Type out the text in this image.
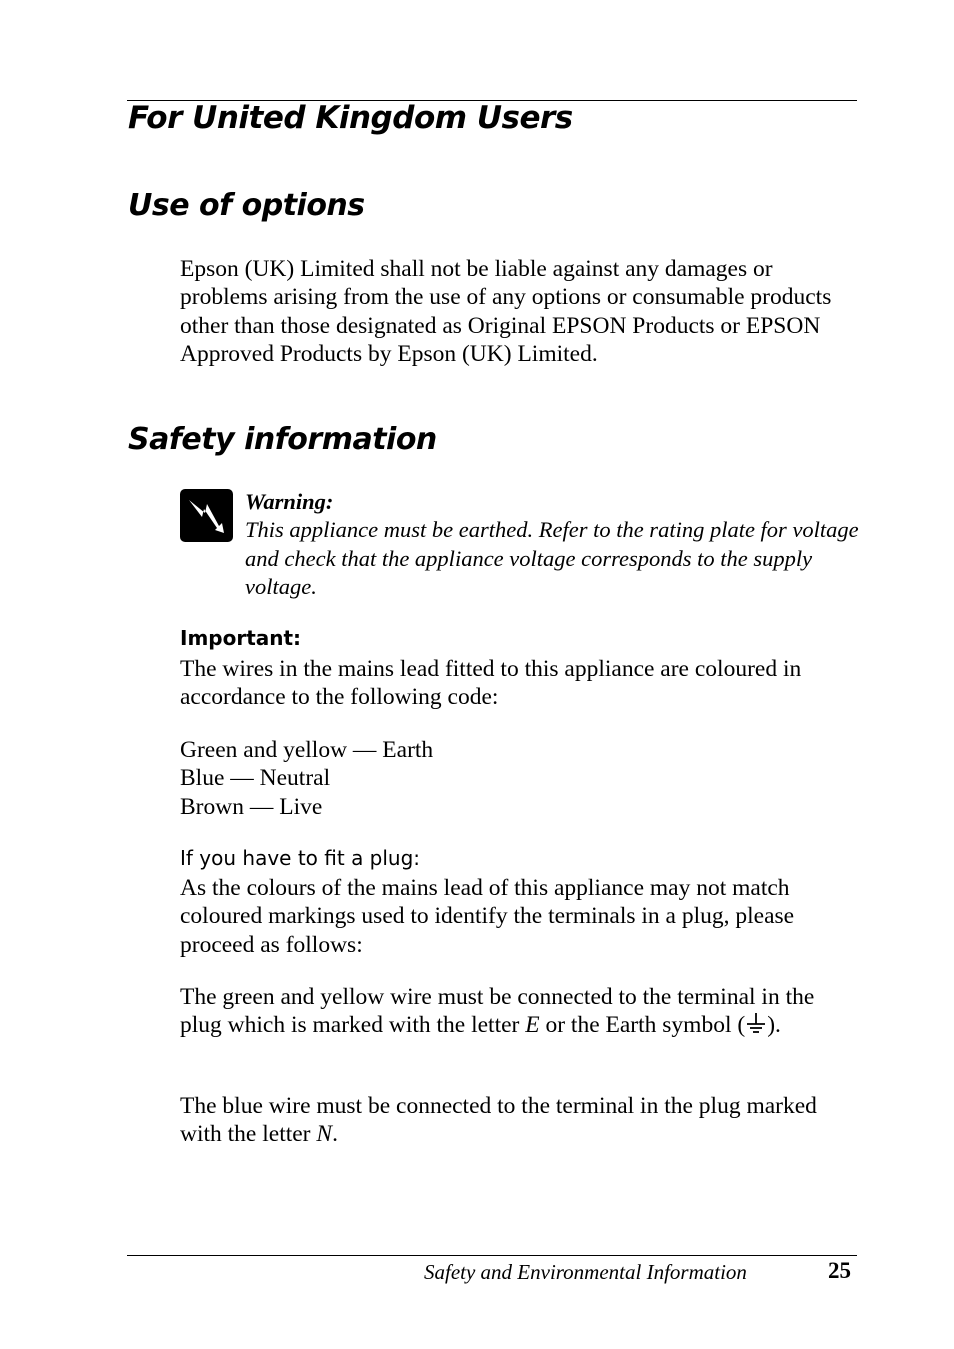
For United Kingdom Users
Use of options

Epson (UK) Limited shall not be liable against any damages or problems arising from the use of any options or consumable products other than those designated as Original EPSON Products or EPSON Approved Products by Epson (UK) Limited.

Safety information
Warning:
This appliance must be earthed. Refer to the rating plate for voltage and check that the appliance voltage corresponds to the supply voltage.
Important:

The wires in the mains lead fitted to this appliance are coloured in accordance to the following code:

Green and yellow — Earth
Blue — Neutral
Brown — Live
If you have to fit a plug:

As the colours of the mains lead of this appliance may not match coloured markings used to identify the terminals in a plug, please proceed as follows:

The green and yellow wire must be connected to the terminal in the plug which is marked with the letter E or the Earth symbol ( ).

The blue wire must be connected to the terminal in the plug marked with the letter N.

Safety and Environmental Information	25
